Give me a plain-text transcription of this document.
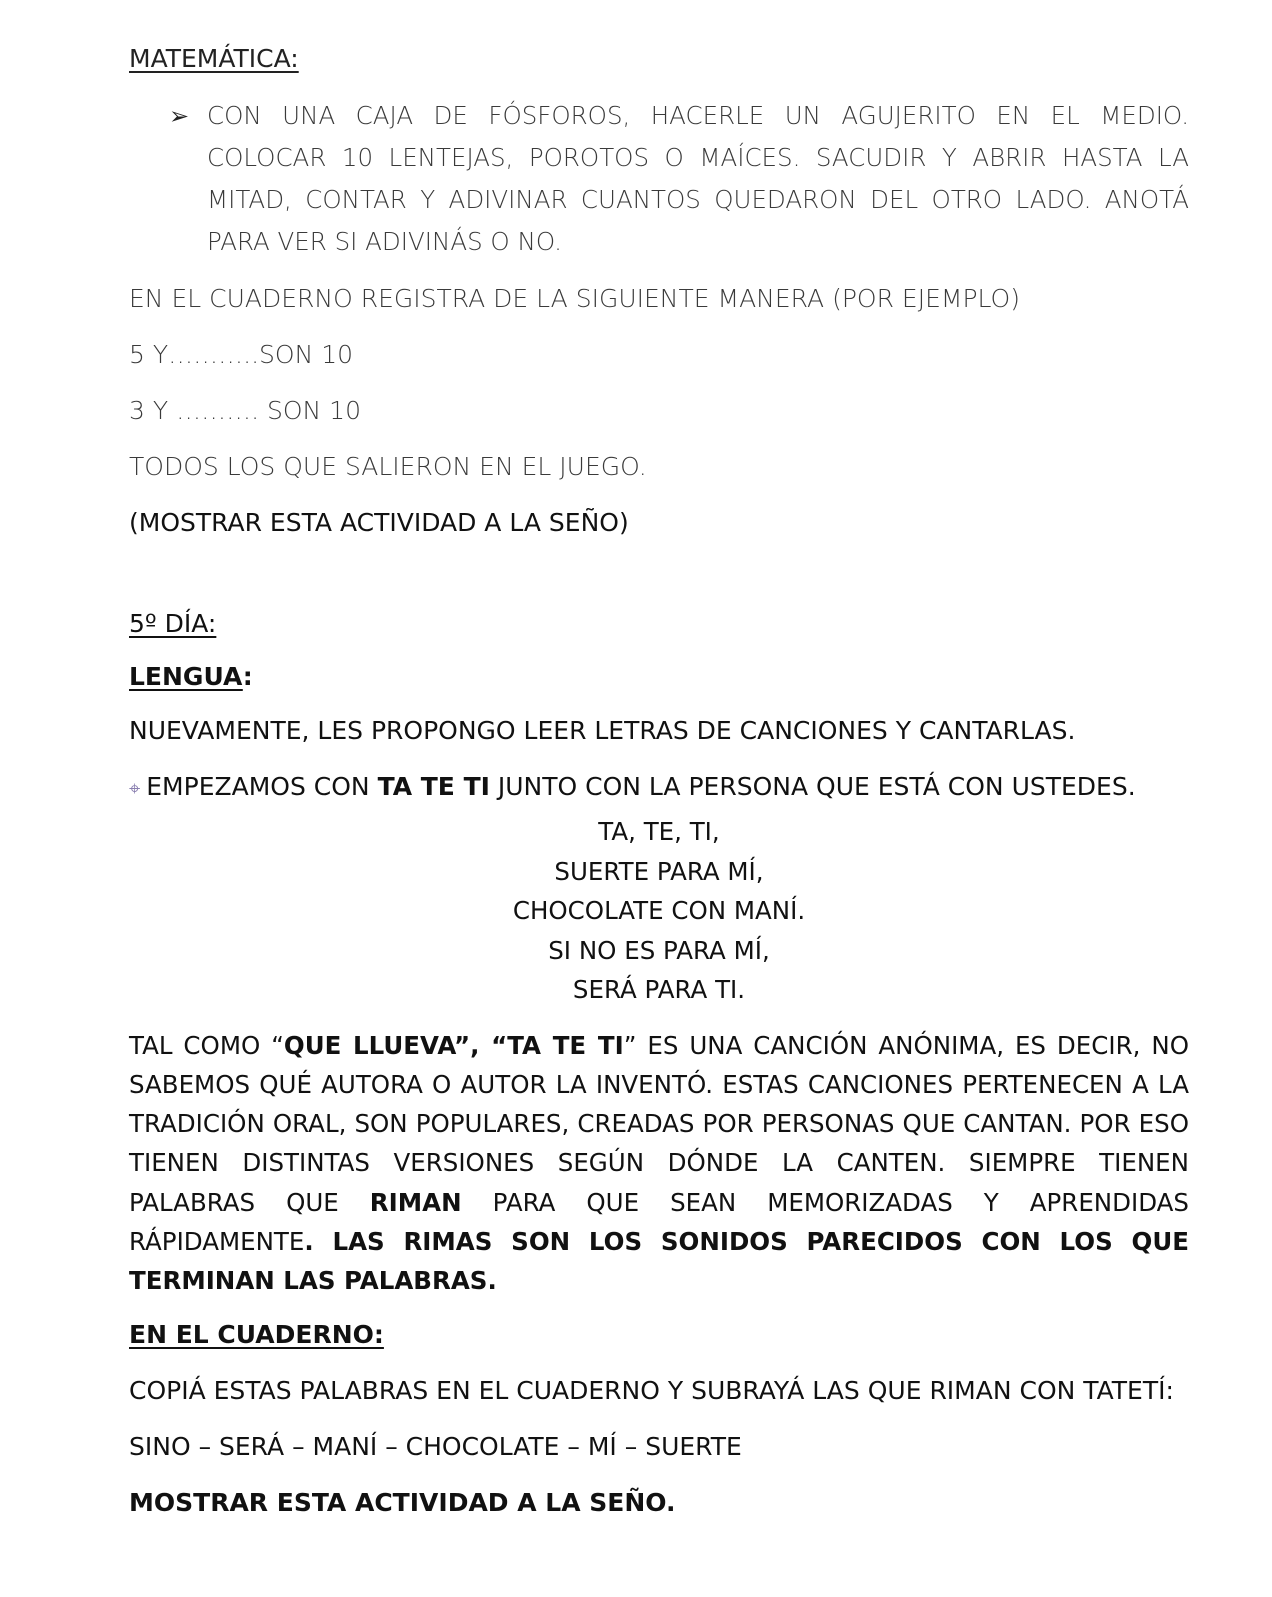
MATEMÁTICA:

➢ CON UNA CAJA DE FÓSFOROS, HACERLE UN AGUJERITO EN EL MEDIO. COLOCAR 10 LENTEJAS, POROTOS O MAÍCES. SACUDIR Y ABRIR HASTA LA MITAD, CONTAR Y ADIVINAR CUANTOS QUEDARON DEL OTRO LADO. ANOTÁ PARA VER SI ADIVINÁS O NO.

EN EL CUADERNO REGISTRA DE LA SIGUIENTE MANERA (POR EJEMPLO)

5 Y………..SON 10

3 Y ………. SON 10

TODOS LOS QUE SALIERON EN EL JUEGO.

(MOSTRAR ESTA ACTIVIDAD A LA SEÑO)

5º DÍA:

LENGUA:

NUEVAMENTE, LES PROPONGO LEER LETRAS DE CANCIONES Y CANTARLAS.

⌖ EMPEZAMOS CON TA TE TI JUNTO CON LA PERSONA QUE ESTÁ CON USTEDES.

TA, TE, TI,
SUERTE PARA MÍ,
CHOCOLATE CON MANÍ.
SI NO ES PARA MÍ,
SERÁ PARA TI.

TAL COMO “QUE LLUEVA”, “TA TE TI” ES UNA CANCIÓN ANÓNIMA, ES DECIR, NO SABEMOS QUÉ AUTORA O AUTOR LA INVENTÓ. ESTAS CANCIONES PERTENECEN A LA TRADICIÓN ORAL, SON POPULARES, CREADAS POR PERSONAS QUE CANTAN. POR ESO TIENEN DISTINTAS VERSIONES SEGÚN DÓNDE LA CANTEN. SIEMPRE TIENEN PALABRAS QUE RIMAN PARA QUE SEAN MEMORIZADAS Y APRENDIDAS RÁPIDAMENTE. LAS RIMAS SON LOS SONIDOS PARECIDOS CON LOS QUE TERMINAN LAS PALABRAS.

EN EL CUADERNO:

COPIÁ ESTAS PALABRAS EN EL CUADERNO Y SUBRAYÁ LAS QUE RIMAN CON TATETÍ:

SINO – SERÁ – MANÍ – CHOCOLATE – MÍ – SUERTE

MOSTRAR ESTA ACTIVIDAD A LA SEÑO.
